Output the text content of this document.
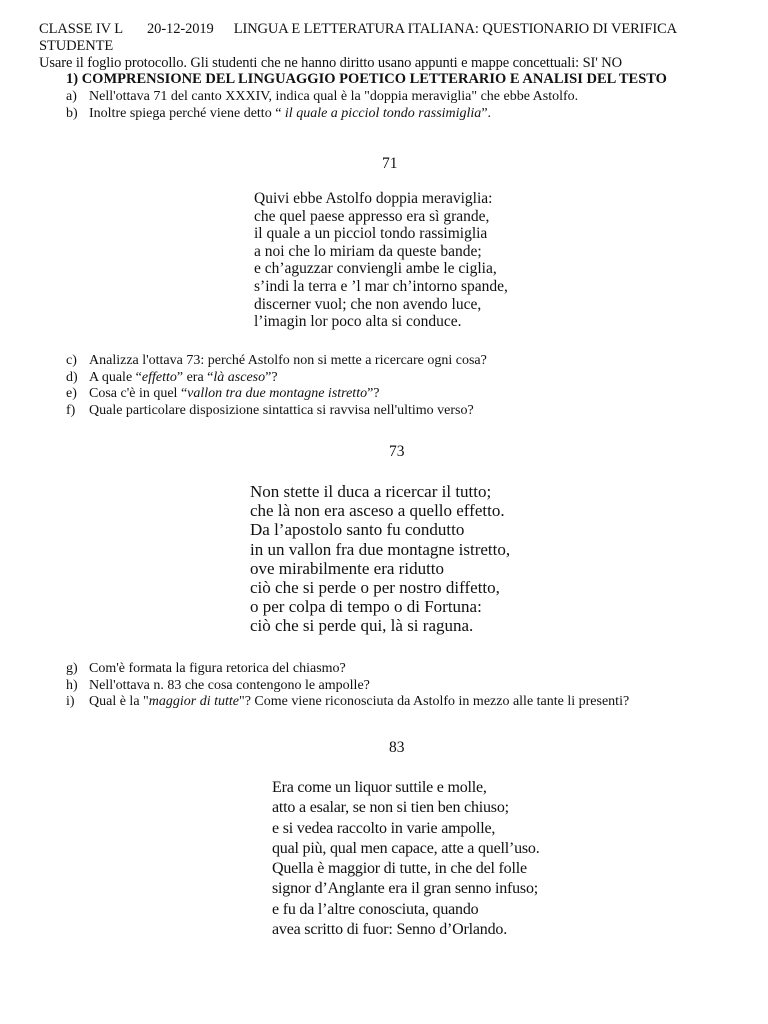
CLASSE IV L 20-12-2019 LINGUA E LETTERATURA ITALIANA: QUESTIONARIO DI VERIFICA
STUDENTE
Usare il foglio protocollo. Gli studenti che ne hanno diritto usano appunti e mappe concettuali: SI' NO
1) COMPRENSIONE DEL LINGUAGGIO POETICO LETTERARIO E ANALISI DEL TESTO
a) Nell'ottava 71 del canto XXXIV, indica qual è la "doppia meraviglia" che ebbe Astolfo.
b) Inoltre spiega perché viene detto “ il quale a picciol tondo rassimiglia”.
71
Quivi ebbe Astolfo doppia meraviglia:
che quel paese appresso era sì grande,
il quale a un picciol tondo rassimiglia
a noi che lo miriam da queste bande;
e ch’aguzzar conviengli ambe le ciglia,
s’indi la terra e ’l mar ch’intorno spande,
discerner vuol; che non avendo luce,
l’imagin lor poco alta si conduce.
c) Analizza l'ottava 73: perché Astolfo non si mette a ricercare ogni cosa?
d) A quale “effetto” era “là asceso”?
e) Cosa c'è in quel “vallon tra due montagne istretto”?
f) Quale particolare disposizione sintattica si ravvisa nell'ultimo verso?
73
Non stette il duca a ricercar il tutto;
che là non era asceso a quello effetto.
Da l’apostolo santo fu condutto
in un vallon fra due montagne istretto,
ove mirabilmente era ridutto
ciò che si perde o per nostro diffetto,
o per colpa di tempo o di Fortuna:
ciò che si perde qui, là si raguna.
g) Com'è formata la figura retorica del chiasmo?
h) Nell'ottava n. 83 che cosa contengono le ampolle?
i)	Qual è la "maggior di tutte"? Come viene riconosciuta da Astolfo in mezzo alle tante li presenti?
83
Era come un liquor suttile e molle,
atto a esalar, se non si tien ben chiuso;
e si vedea raccolto in varie ampolle,
qual più, qual men capace, atte a quell’uso.
Quella è maggior di tutte, in che del folle
signor d’Anglante era il gran senno infuso;
e fu da l’altre conosciuta, quando
avea scritto di fuor: Senno d’Orlando.
